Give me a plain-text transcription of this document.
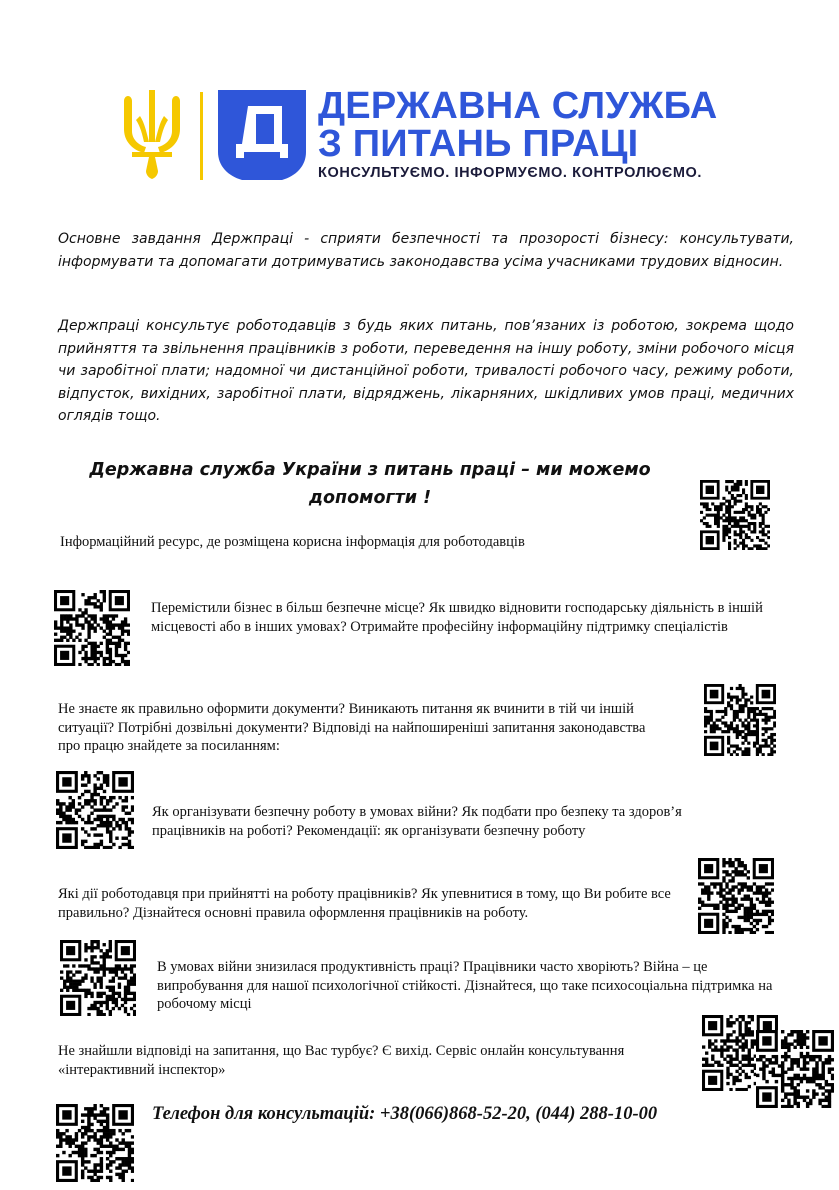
ДЕРЖАВНА СЛУЖБА
З ПИТАНЬ ПРАЦІ
КОНСУЛЬТУЄМО. ІНФОРМУЄМО. КОНТРОЛЮЄМО.
Основне завдання Держпраці - сприяти безпечності та прозорості бізнесу: консультувати, інформувати та допомагати дотримуватись законодавства усіма учасниками трудових відносин.
Держпраці консультує роботодавців з будь яких питань, пов’язаних із роботою, зокрема щодо прийняття та звільнення працівників з роботи, переведення на іншу роботу, зміни робочого місця чи заробітної плати; надомної чи дистанційної роботи, тривалості робочого часу, режиму роботи, відпусток, вихідних, заробітної плати, відряджень, лікарняних, шкідливих умов праці, медичних оглядів тощо.
Державна служба України з питань праці – ми можемо допомогти !
Інформаційний ресурс, де розміщена корисна інформація для роботодавців
Перемістили бізнес в більш безпечне місце? Як швидко відновити господарську діяльність в іншій місцевості або в інших умовах? Отримайте професійну інформаційну підтримку спеціалістів
Не знаєте як правильно оформити документи? Виникають питання як вчинити в тій чи іншій ситуації? Потрібні дозвільні документи? Відповіді на найпоширеніші запитання законодавства про працю знайдете за посиланням:
Як організувати безпечну роботу в умовах війни? Як подбати про безпеку та здоров’я працівників на роботі? Рекомендації: як організувати безпечну роботу
Які дії роботодавця при прийнятті на роботу працівників? Як упевнитися в тому, що Ви робите все правильно? Дізнайтеся основні правила оформлення працівників на роботу.
В умовах війни знизилася продуктивність праці? Працівники часто хворіють? Війна – це випробування для нашої психологічної стійкості. Дізнайтеся, що таке психосоціальна підтримка на робочому місці
Не знайшли відповіді на запитання, що Вас турбує? Є вихід. Сервіс онлайн консультування «інтерактивний інспектор»
Телефон для консультацій: +38(066)868-52-20, (044) 288-10-00
